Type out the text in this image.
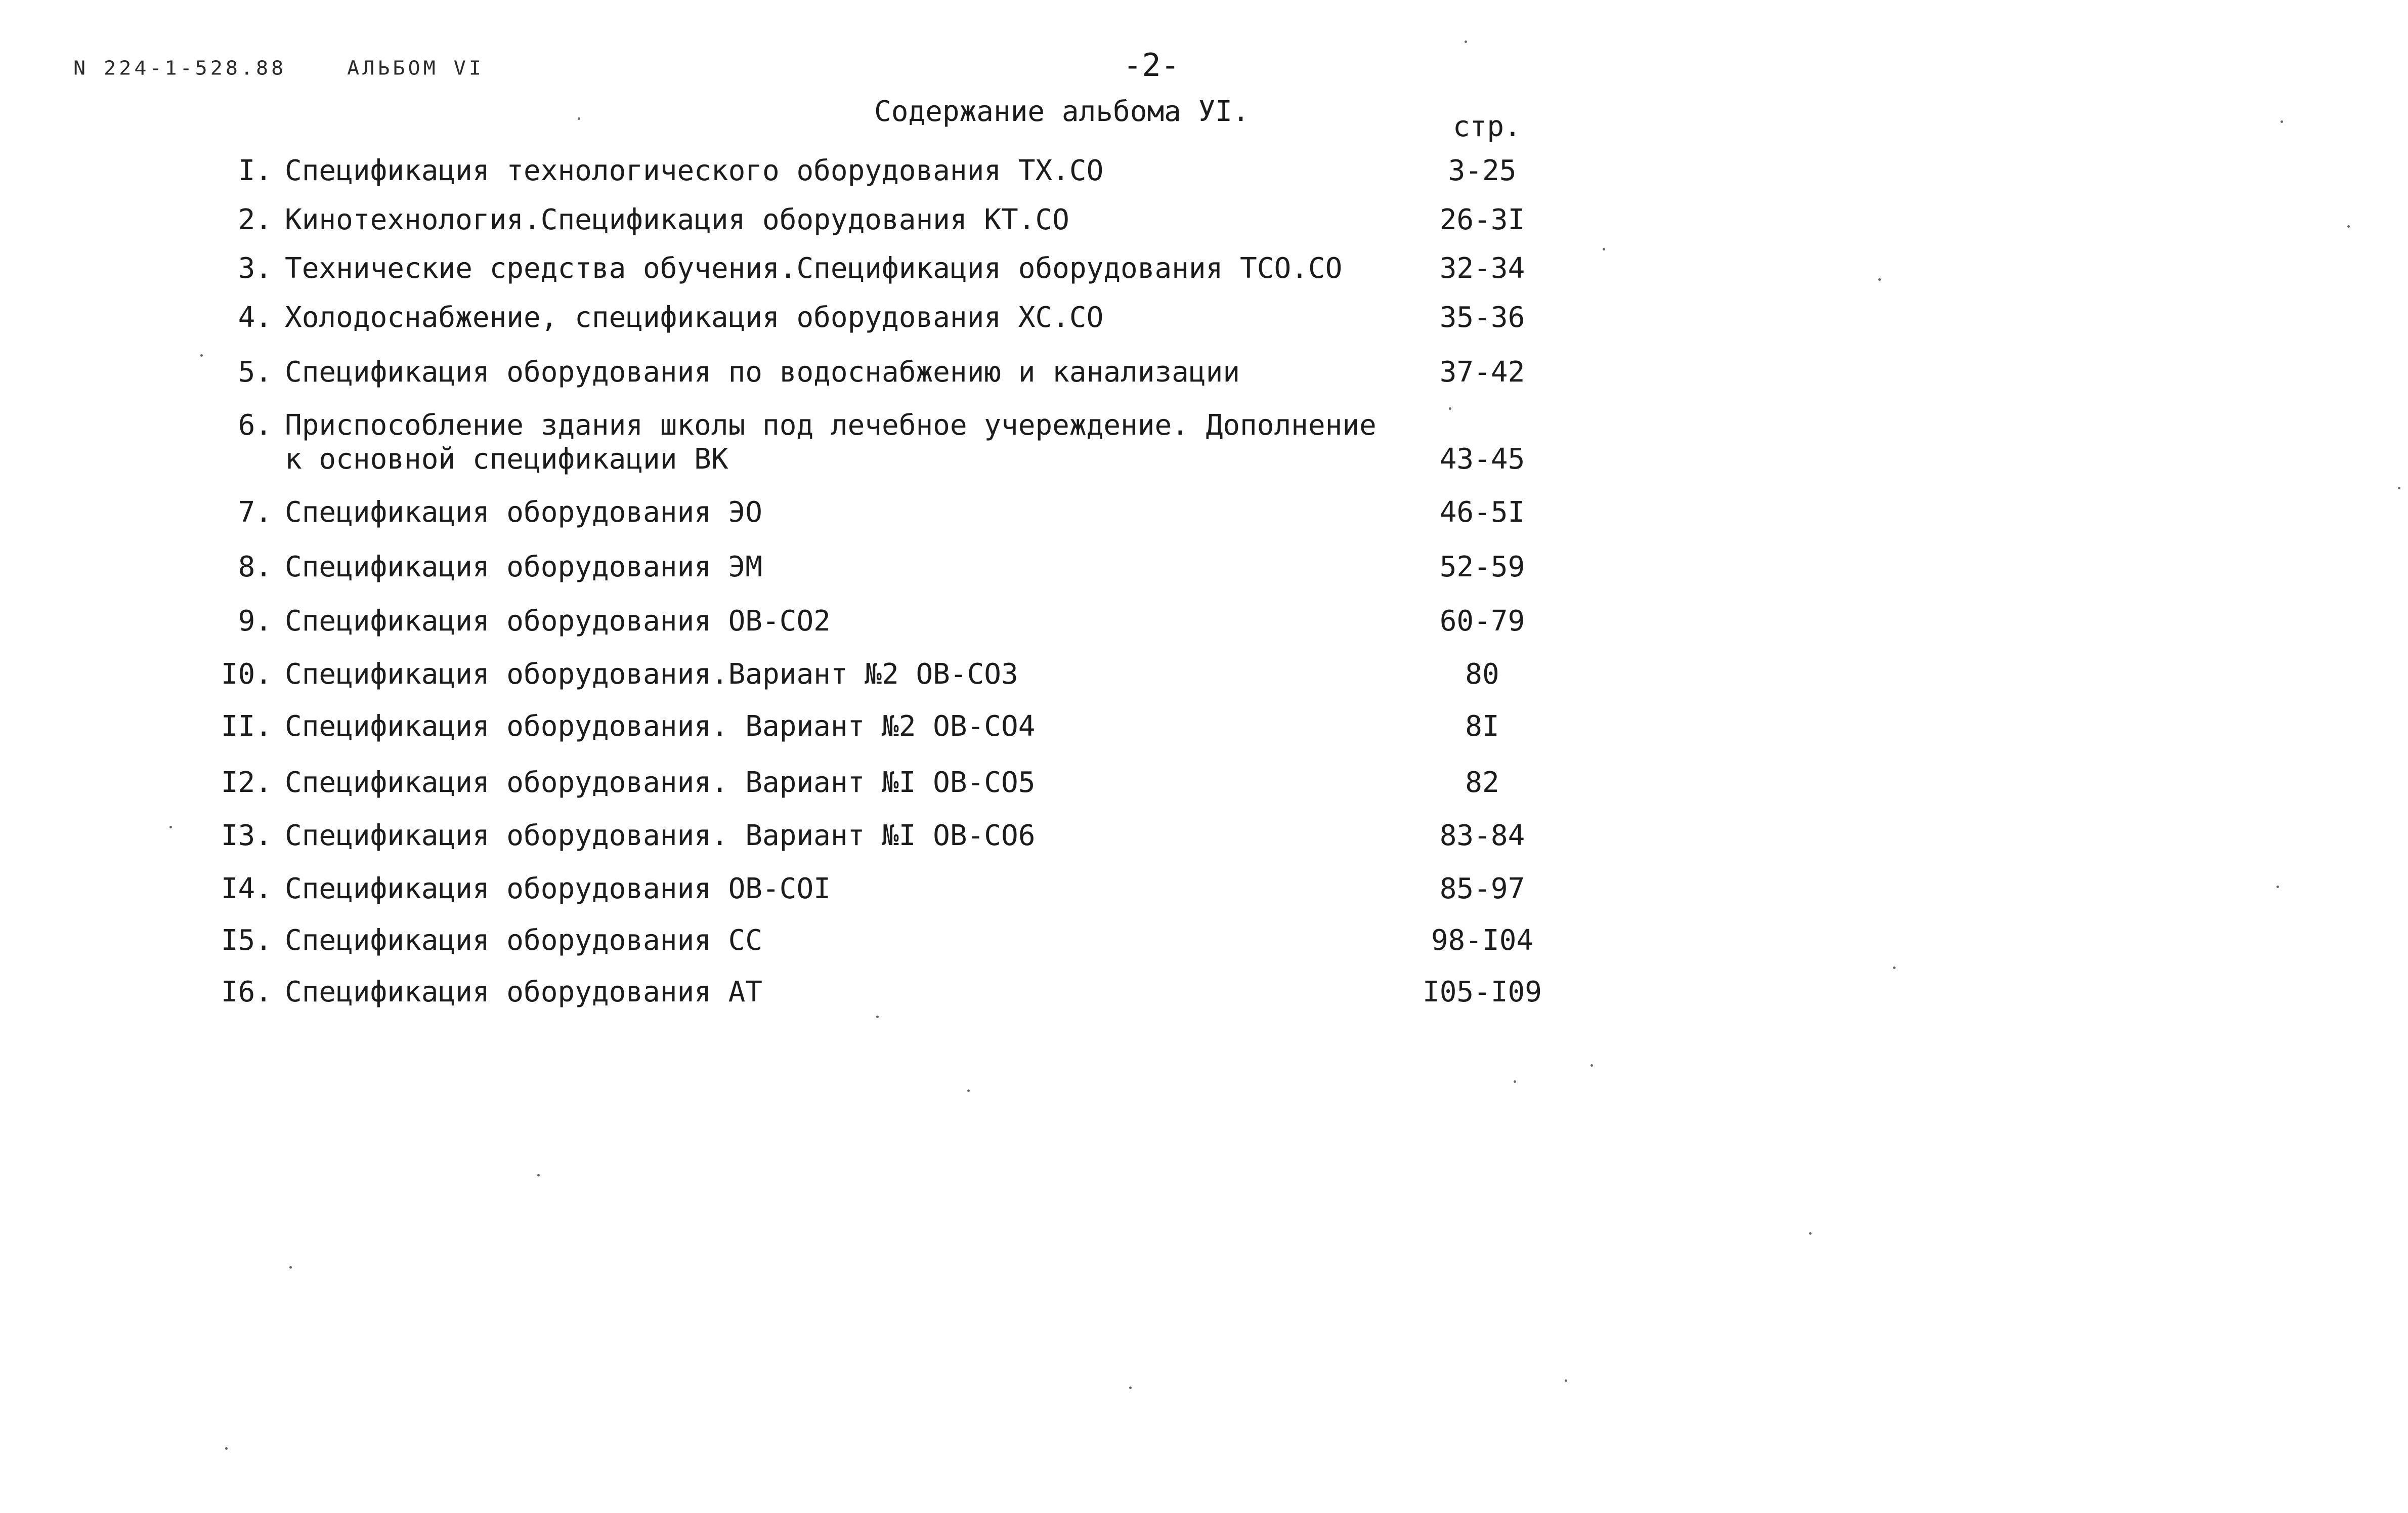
N 224-1-528.88	АЛЬБОМ VI	-2-
Содержание альбома УI.	стр.
I. Спецификация технологического оборудования ТХ.СО	3-25
2. Кинотехнология.Спецификация оборудования КТ.СО	26-3I
3. Технические средства обучения.Спецификация оборудования ТСО.СО	32-34
4. Холодоснабжение, спецификация оборудования ХС.СО	35-36
5. Спецификация оборудования по водоснабжению и канализации	37-42
6. Приспособление здания школы под лечебное учереждение. Дополнение
к основной спецификации ВК	43-45
7. Спецификация оборудования ЭО	46-5I
8. Спецификация оборудования ЭМ	52-59
9. Спецификация оборудования ОВ-СО2	60-79
I0. Спецификация оборудования.Вариант №2 ОВ-СО3	80
II. Спецификация оборудования. Вариант №2 ОВ-СО4	8I
I2. Спецификация оборудования. Вариант №I ОВ-СО5	82
I3. Спецификация оборудования. Вариант №I ОВ-СО6	83-84
I4. Спецификация оборудования ОВ-СОI	85-97
I5. Спецификация оборудования СС	98-I04
I6. Спецификация оборудования АТ	I05-I09
